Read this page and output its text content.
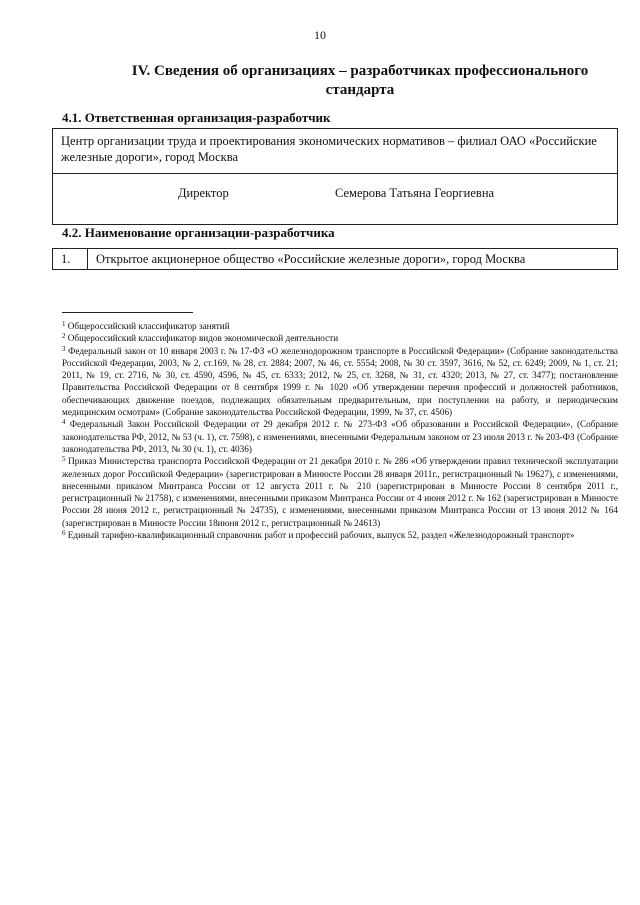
10
IV. Сведения об организациях – разработчиках профессионального стандарта
4.1. Ответственная организация-разработчик
Центр организации труда и проектирования экономических нормативов – филиал ОАО «Российские железные дороги», город Москва

Директор	Семерова Татьяна Георгиевна
4.2. Наименование организации-разработчика
1.	Открытое акционерное общество «Российские железные дороги», город Москва

$^1$ Общероссийский классификатор занятий

$^2$ Общероссийский классификатор видов экономической деятельности

$^3$ Федеральный закон от 10 января 2003 г. № 17-ФЗ «О железнодорожном транспорте в Российской Федерации» (Собрание законодательства Российской Федерации, 2003, № 2, ст.169, № 28, ст. 2884; 2007, № 46, ст. 5554; 2008, № 30 ст. 3597, 3616, № 52, ст. 6249; 2009, № 1, ст. 21; 2011, № 19, ст. 2716, № 30, ст. 4590, 4596, № 45, ст. 6333; 2012, № 25, ст. 3268, № 31, ст. 4320; 2013, № 27, ст. 3477); постановление Правительства Российской Федерации от 8 сентября 1999 г. № 1020 «Об утверждении перечня профессий и должностей работников, обеспечивающих движение поездов, подлежащих обязательным предварительным, при поступлении на работу, и периодическим медицинским осмотрам» (Собрание законодательства Российской Федерации, 1999, № 37, ст. 4506)

$^4$ Федеральный Закон Российской Федерации от 29 декабря 2012 г. № 273-ФЗ «Об образовании в Российской Федерации», (Собрание законодательства РФ, 2012, № 53 (ч. 1), ст. 7598), с изменениями, внесенными Федеральным законом от 23 июля 2013 г. № 203-ФЗ (Собрание законодательства РФ, 2013, № 30 (ч. 1), ст. 4036)

$^5$ Приказ Министерства транспорта Российской Федерации от 21 декабря 2010 г. № 286 «Об утверждении правил технической эксплуатации железных дорог Российской Федерации» (зарегистрирован в Минюсте России 28 января 2011г., регистрационный № 19627), с изменениями, внесенными приказом Минтранса России от 12 августа 2011 г. № 210 (зарегистрирован в Минюсте России 8 сентября 2011 г., регистрационный № 21758), с изменениями, внесенными приказом Минтранса России от 4 июня 2012 г. № 162 (зарегистрирован в Минюсте России 28 июня 2012 г., регистрационный № 24735), с изменениями, внесенными приказом Минтранса России от 13 июня 2012 № 164 (зарегистрирован в Минюсте России 18июня 2012 г., регистрационный № 24613)

$^6$ Единый тарифно-квалификационный справочник работ и профессий рабочих, выпуск 52, раздел «Железнодорожный транспорт»
